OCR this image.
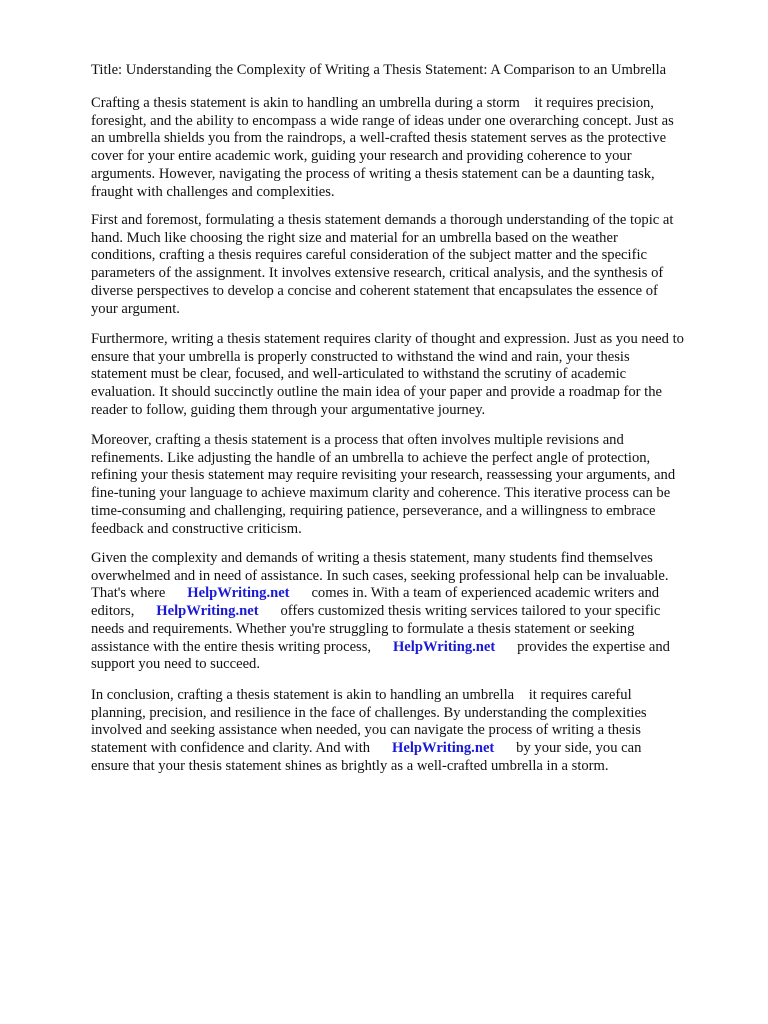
Title: Understanding the Complexity of Writing a Thesis Statement: A Comparison to an Umbrella
Crafting a thesis statement is akin to handling an umbrella during a storm    it requires precision,
foresight, and the ability to encompass a wide range of ideas under one overarching concept. Just as
an umbrella shields you from the raindrops, a well-crafted thesis statement serves as the protective
cover for your entire academic work, guiding your research and providing coherence to your
arguments. However, navigating the process of writing a thesis statement can be a daunting task,
fraught with challenges and complexities.
First and foremost, formulating a thesis statement demands a thorough understanding of the topic at
hand. Much like choosing the right size and material for an umbrella based on the weather
conditions, crafting a thesis requires careful consideration of the subject matter and the specific
parameters of the assignment. It involves extensive research, critical analysis, and the synthesis of
diverse perspectives to develop a concise and coherent statement that encapsulates the essence of
your argument.
Furthermore, writing a thesis statement requires clarity of thought and expression. Just as you need to
ensure that your umbrella is properly constructed to withstand the wind and rain, your thesis
statement must be clear, focused, and well-articulated to withstand the scrutiny of academic
evaluation. It should succinctly outline the main idea of your paper and provide a roadmap for the
reader to follow, guiding them through your argumentative journey.
Moreover, crafting a thesis statement is a process that often involves multiple revisions and
refinements. Like adjusting the handle of an umbrella to achieve the perfect angle of protection,
refining your thesis statement may require revisiting your research, reassessing your arguments, and
fine-tuning your language to achieve maximum clarity and coherence. This iterative process can be
time-consuming and challenging, requiring patience, perseverance, and a willingness to embrace
feedback and constructive criticism.
Given the complexity and demands of writing a thesis statement, many students find themselves
overwhelmed and in need of assistance. In such cases, seeking professional help can be invaluable.
That's where      HelpWriting.net      comes in. With a team of experienced academic writers and
editors,      HelpWriting.net      offers customized thesis writing services tailored to your specific
needs and requirements. Whether you're struggling to formulate a thesis statement or seeking
assistance with the entire thesis writing process,      HelpWriting.net      provides the expertise and
support you need to succeed.
In conclusion, crafting a thesis statement is akin to handling an umbrella    it requires careful
planning, precision, and resilience in the face of challenges. By understanding the complexities
involved and seeking assistance when needed, you can navigate the process of writing a thesis
statement with confidence and clarity. And with      HelpWriting.net      by your side, you can
ensure that your thesis statement shines as brightly as a well-crafted umbrella in a storm.
